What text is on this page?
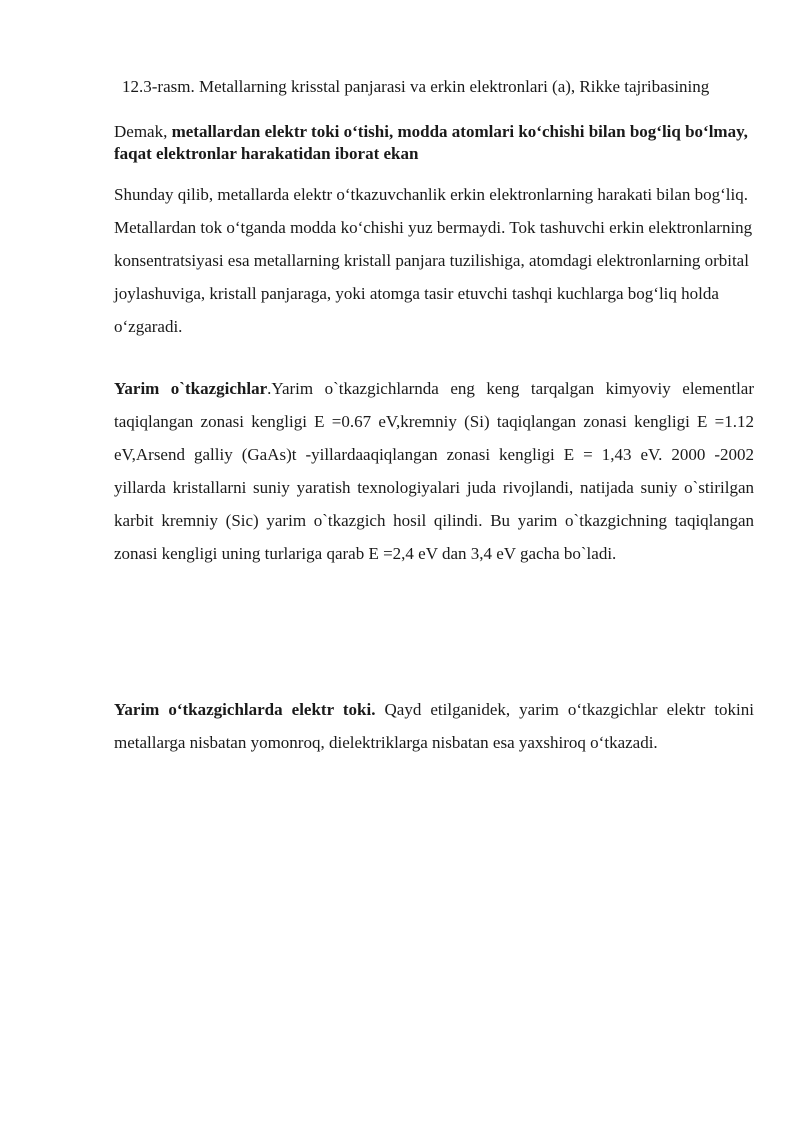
12.3-rasm. Metallarning krisstal panjarasi va erkin elektronlari (a), Rikke tajribasining
Demak, metallardan elektr toki o‘tishi, modda atomlari ko‘chishi bilan bog‘liq bo‘lmay, faqat elektronlar harakatidan iborat ekan
Shunday qilib, metallarda elektr o‘tkazuvchanlik erkin elektronlarning harakati bilan bog‘liq. Metallardan tok o‘tganda modda ko‘chishi yuz bermaydi. Tok tashuvchi erkin elektronlarning konsentratsiyasi esa metallarning kristall panjara tuzilishiga, atomdagi elektronlarning orbital joylashuviga, kristall panjaraga, yoki atomga tasir etuvchi tashqi kuchlarga bog‘liq holda o‘zgaradi.
Yarim o`tkazgichlar.Yarim o`tkazgichlarnda eng keng tarqalgan kimyoviy elementlar taqiqlangan zonasi kengligi E =0.67 eV,kremniy (Si) taqiqlangan zonasi kengligi E =1.12 eV,Arsend galliy (GaAs)t -yillardaaqiqlangan zonasi kengligi E = 1,43 eV. 2000 -2002 yillarda kristallarni suniy yaratish texnologiyalari juda rivojlandi, natijada suniy o`stirilgan karbit kremniy (Sic) yarim o`tkazgich hosil qilindi. Bu yarim o`tkazgichning taqiqlangan zonasi kengligi uning turlariga qarab E =2,4 eV dan 3,4 eV gacha bo`ladi.
Yarim o‘tkazgichlarda elektr toki. Qayd etilganidek, yarim o‘tkazgichlar elektr tokini metallarga nisbatan yomonroq, dielektriklarga nisbatan esa yaxshiroq o‘tkazadi.
